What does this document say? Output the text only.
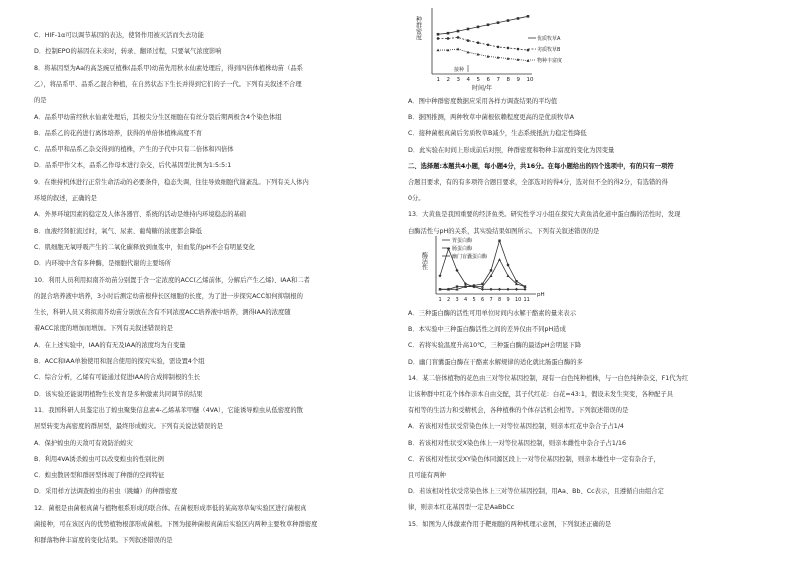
C．HIF-1α可以调节基因的表达，使肾作用被灭活而失去功能
D．控制EPO的基因在未来时，转录、翻译过程，只要氧气浓度影响
8．将基因型为Aa的高茎豌豆植株(品系甲)幼苗先用秋水仙素处理后，得到四倍体植株幼苗（品系
乙），将品系甲、品系乙混合种植，在自然状态下生长并得到它们的子一代。下列有关叙述不合理
的是
A．品系甲幼苗经秋水仙素处理后，其根尖分生区细胞在有丝分裂后期两极含4个染色体组
B．品系乙的花药进行离体培养，获得的单倍体植株高度不育
C．品系甲和品系乙杂交得到的植株，产生的子代中只有二倍体和四倍体
D．品系甲作父本，品系乙作母本进行杂交，后代基因型比例为1:5:5:1
9．在维持机体进行正常生命活动的必要条件，稳态失调，往往导致细胞代谢紊乱。下列有关人体内
环境的叙述，正确的是
A．外界环境因素的稳定及人体各器官、系统的活动是维持内环境稳态的基础
B．血液经肾脏流过时，氧气、尿素、葡萄糖的浓度都会降低
C．肌细胞无氧呼吸产生的二氧化碳释放到血浆中，但血浆的pH不会有明显变化
D．内环境中含有多种酶，是细胞代谢的主要场所
10．利用人员利用拟南芥幼苗分别置于含一定浓度的ACC(乙烯前体，分解后产生乙烯)、IAA和二者
的混合培养液中培养，3小时后测定幼苗根伸长区细胞的长度，为了进一步探究ACC如何抑制根的
生长，科研人员又将拟南芥幼苗分别放在含有不同浓度ACC培养液中培养，测得IAA的浓度随
着ACC浓度的增加而增加。下列有关叙述错误的是
A．在上述实验中，IAA的有无及IAA的浓度均为自变量
B．ACC和IAA单独使用和混合使用的探究实验，需设置4个组
C．综合分析，乙烯有可能通过促进IAA的合成抑制根的生长
D．该实验还能说明植物生长发育是多种激素共同调节的结果
11．我国科研人员鉴定出了蝗虫聚集信息素4-乙烯基苯甲醚（4VA），它能诱导蝗虫从低密度的散
居型转变为高密度的群居型，最终形成蝗灾。下列有关说法错误的是
A．保护蝗虫的天敌可有效防治蝗灾
B．利用4VA诱杀蝗虫可以改变蝗虫的性别比例
C．蝗虫散居型和群居型体现了种群的空间特征
D．采用样方法调查蝗虫的若虫（跳蝻）的种群密度
12．菌根是由菌根真菌与植物根系形成的联合体。在菌根形成率低的某高寒草甸实验区进行菌根真
菌接种，可在该区内的优势植物根部形成菌根。下图为接种菌根真菌后实验区内两种主要牧草种群密度
和群落物种丰富度的变化结果。下列叙述错误的是
A．图中种群密度数据应采用各样方调查结果的平均值
B．据图推测，两种牧草中菌根依赖程度更高的是优质牧草A
C．接种菌根真菌后劣质牧草B减少，生态系统抵抗力稳定性降低
D．此实验在时间上形成前后对照，种群密度和物种丰富度的变化为因变量
二、选择题:本题共4小题，每小题4分，共16分。在每小题给出的四个选项中，有的只有一项符
合题目要求，有的有多项符合题目要求，全部选对的得4分，选对但不全的得2分，有选错的得
0分。
13．大黄鱼是我国重要的经济鱼类。研究性学习小组在探究大黄鱼消化道中蛋白酶的活性时，发现
白酶活性与pH的关系，其实验结果如图所示。下列有关叙述错误的是
A．三种蛋白酶的活性可用单位时间内水解干酪素的量来表示
B．本实验中三种蛋白酶活性之间的差异仅由不同pH造成
C．若将实验温度升高10℃，三种蛋白酶的最适pH会明显下降
D．幽门盲囊蛋白酶在干酪素水解规律的适化就比肠蛋白酶的多
14．某二倍体植物的花色由三对等位基因控制，现有一白色纯种植株，与一白色纯种杂交，F1代为红
让该种群中红花个体作亲本自由交配，其子代红花：白花=43:1，假设未发生突变，各种配子具
有相等的生活力和受精机会，各种植株的个体存活机会相等。下列叙述错误的是
A．若该相对性状受常染色体上一对等位基因控制，则亲本红花中杂合子占1/4
B．若该相对性状受X染色体上一对等位基因控制，则亲本雌性中杂合子占1/16
C．若该相对性状受XY染色体同源区段上一对等位基因控制，则亲本雄性中一定有杂合子，
且可能有两种
D．若该相对性状受常染色体上三对等位基因控制，用Aa、Bb、Cc表示，且遵循自由组合定
律，则亲本红花基因型一定是AaBbCc
15．如图为人体激素作用于靶细胞的两种机理示意图，下列叙述正确的是
种群密度
时间/年
接种
1 2 3 4 5 6 7 8 9 10
优质牧草A
劣质牧草B
物种丰富度
酶活性
pH
1 2 3 4 5 6 7 8 9 10 11
胃蛋白酶
肠蛋白酶
幽门盲囊蛋白酶
